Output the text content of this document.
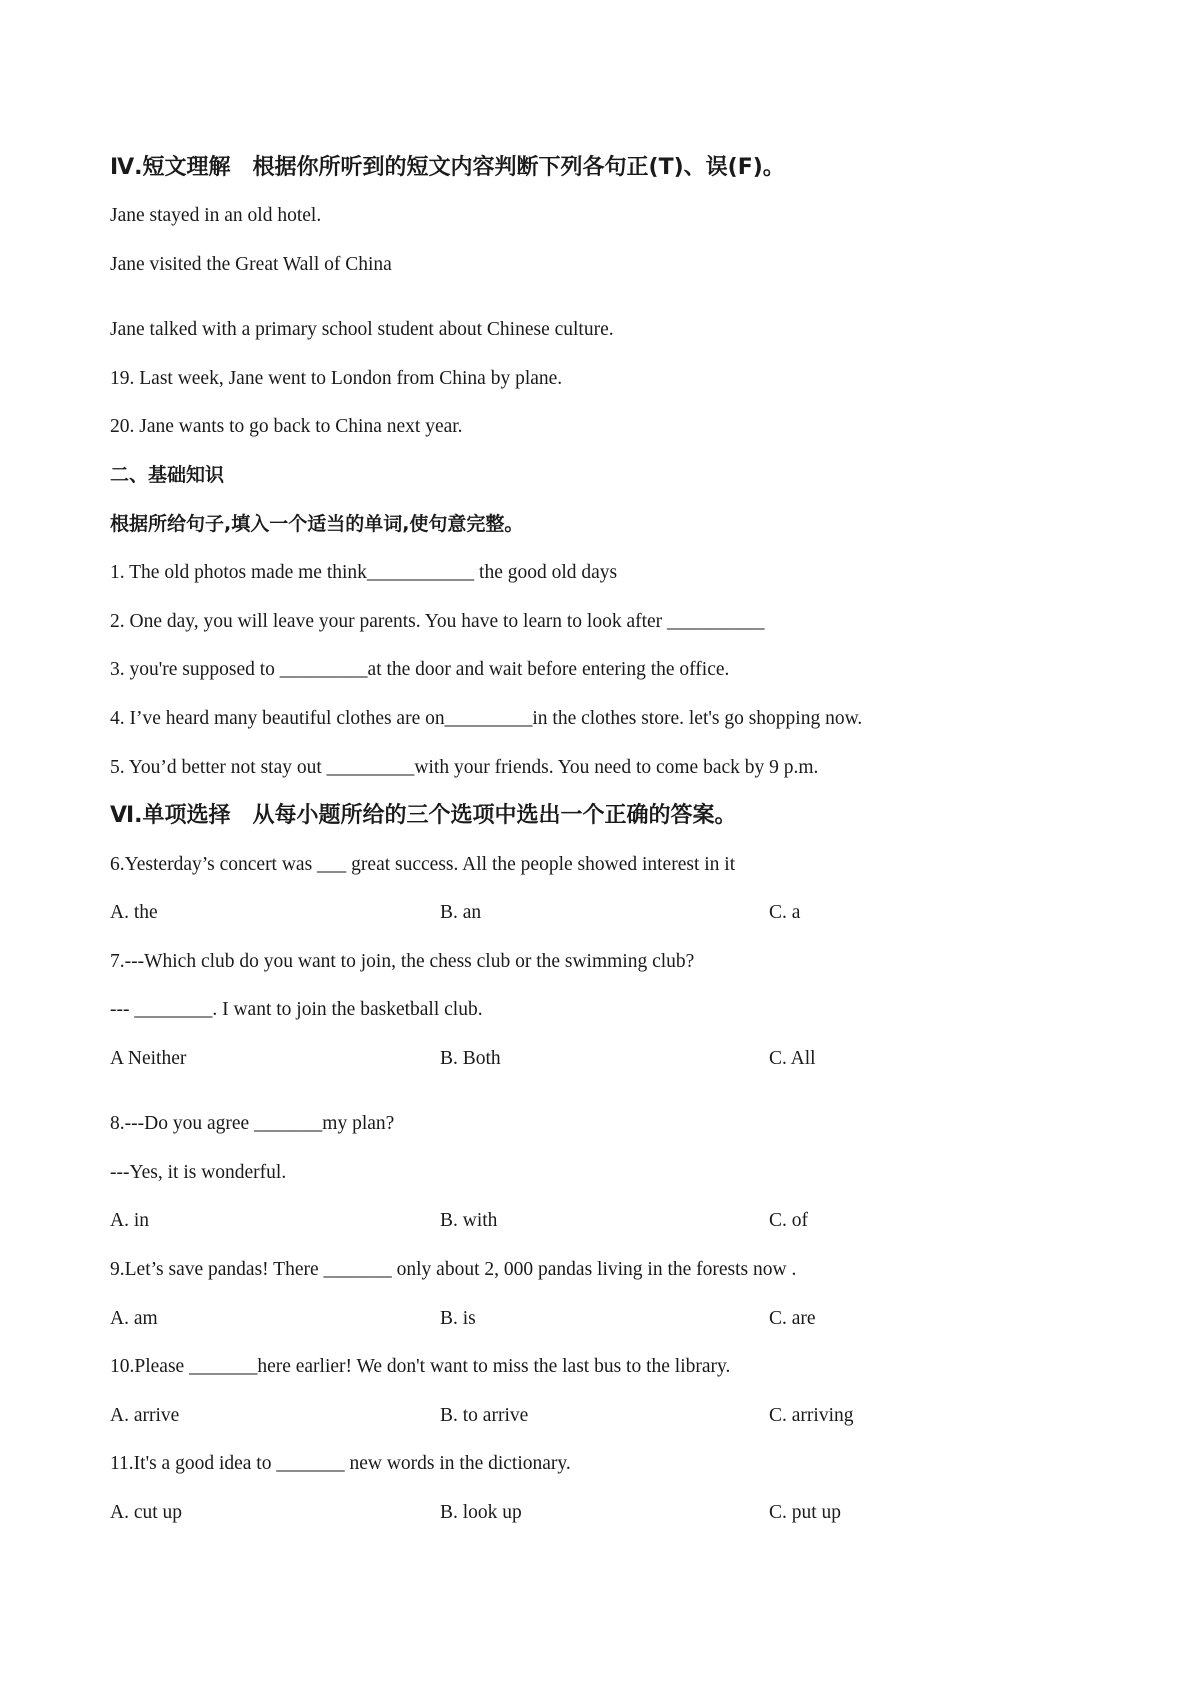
Ⅳ.短文理解　根据你所听到的短文内容判断下列各句正(T)、误(F)。
Jane stayed in an old hotel.
Jane visited the Great Wall of China
Jane talked with a primary school student about Chinese culture.
19. Last week, Jane went to London from China by plane.
20. Jane wants to go back to China next year.
二、基础知识
根据所给句子,填入一个适当的单词,使句意完整。
1. The old photos made me think___________ the good old days
2. One day, you will leave your parents. You have to learn to look after __________
3. you're supposed to _________at the door and wait before entering the office.
4. I’ve heard many beautiful clothes are on_________in the clothes store. let's go shopping now.
5. You’d better not stay out _________with your friends. You need to come back by 9 p.m.
Ⅵ.单项选择　从每小题所给的三个选项中选出一个正确的答案。
6.Yesterday’s concert was ___ great success. All the people showed interest in it
A. the	B. an	C. a
7.---Which club do you want to join, the chess club or the swimming club?
--- ________. I want to join the basketball club.
A Neither	B. Both	C. All
8.---Do you agree _______my plan?
---Yes, it is wonderful.
A. in	B. with	C. of
9.Let’s save pandas! There _______ only about 2, 000 pandas living in the forests now .
A. am	B. is	C. are
10.Please _______here earlier! We don't want to miss the last bus to the library.
A. arrive	B. to arrive	C. arriving
11.It's a good idea to _______ new words in the dictionary.
A. cut up	B. look up	C. put up
